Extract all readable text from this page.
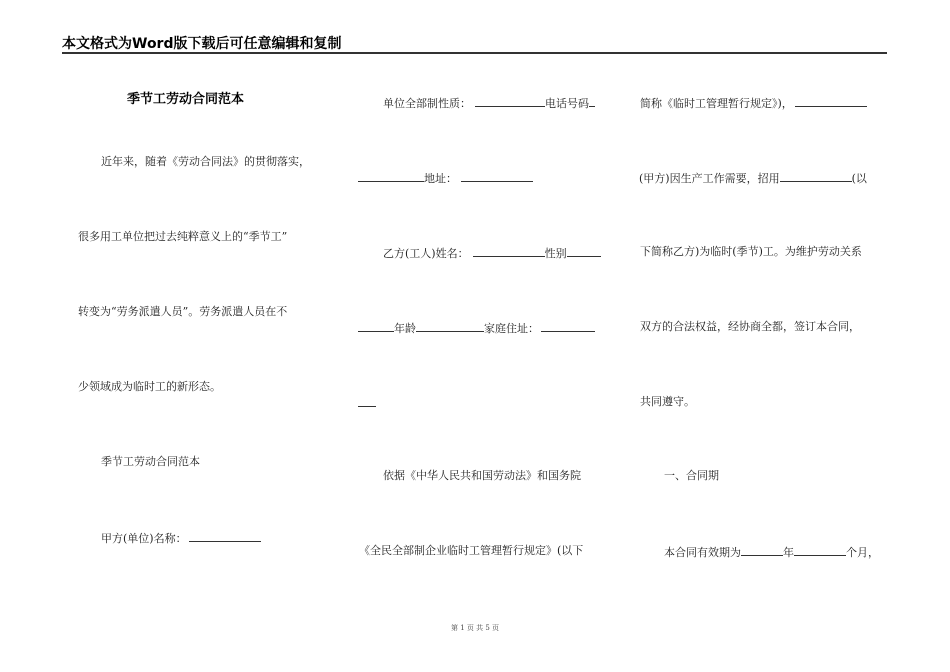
本文格式为Word版下载后可任意编辑和复制
季节工劳动合同范本
近年来，随着《劳动合同法》的贯彻落实，
很多用工单位把过去纯粹意义上的“季节工”
转变为“劳务派遣人员”。劳务派遣人员在不
少领域成为临时工的新形态。
季节工劳动合同范本
甲方(单位)名称：
单位全部制性质：	电话号码
地址：
乙方(工人)姓名：	性别
年龄	家庭住址：
依据《中华人民共和国劳动法》和国务院
《全民全部制企业临时工管理暂行规定》(以下
简称《临时工管理暂行规定》)，
(甲方)因生产工作需要，招用	(以
下简称乙方)为临时(季节)工。为维护劳动关系
双方的合法权益，经协商全都，签订本合同，
共同遵守。
一、合同期
本合同有效期为	年	个月，
第 1 页 共 5 页
